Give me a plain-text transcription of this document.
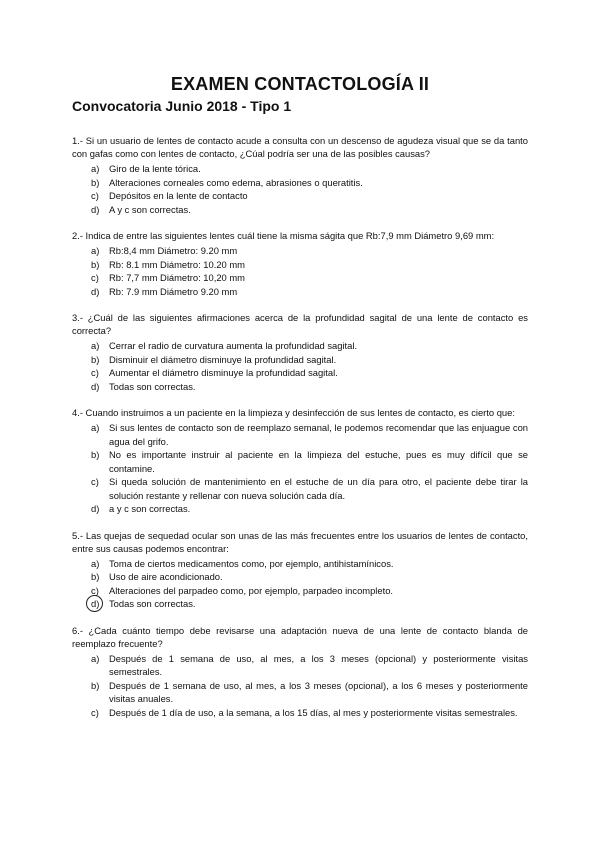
EXAMEN CONTACTOLOGÍA II
Convocatoria Junio 2018 - Tipo 1

1.- Si un usuario de lentes de contacto acude a consulta con un descenso de agudeza visual que se da tanto con gafas como con lentes de contacto, ¿Cúal podría ser una de las posibles causas?

a) Giro de la lente tórica.
b) Alteraciones corneales como edema, abrasiones o queratitis.
c) Depósitos en la lente de contacto
d) A y c son correctas.

2.- Indica de entre las siguientes lentes cuál tiene la misma ságita que Rb:7,9 mm Diámetro 9,69 mm:

a) Rb:8,4 mm Diámetro: 9.20 mm
b) Rb: 8.1 mm Diámetro: 10.20 mm
c) Rb: 7,7 mm Diámetro: 10,20 mm
d) Rb: 7.9 mm Diámetro 9.20 mm

3.- ¿Cuál de las siguientes afirmaciones acerca de la profundidad sagital de una lente de contacto es correcta?

a) Cerrar el radio de curvatura aumenta la profundidad sagital.
b) Disminuir el diámetro disminuye la profundidad sagital.
c) Aumentar el diámetro disminuye la profundidad sagital.
d) Todas son correctas.

4.- Cuando instruimos a un paciente en la limpieza y desinfección de sus lentes de contacto, es cierto que:

a) Si sus lentes de contacto son de reemplazo semanal, le podemos recomendar que las enjuague con agua del grifo.
b) No es importante instruir al paciente en la limpieza del estuche, pues es muy difícil que se contamine.
c) Si queda solución de mantenimiento en el estuche de un día para otro, el paciente debe tirar la solución restante y rellenar con nueva solución cada día.
d) a y c son correctas.

5.- Las quejas de sequedad ocular son unas de las más frecuentes entre los usuarios de lentes de contacto, entre sus causas podemos encontrar:

a) Toma de ciertos medicamentos como, por ejemplo, antihistamínicos.
b) Uso de aire acondicionado.
c) Alteraciones del parpadeo como, por ejemplo, parpadeo incompleto.
d) Todas son correctas.

6.- ¿Cada cuánto tiempo debe revisarse una adaptación nueva de una lente de contacto blanda de reemplazo frecuente?

a) Después de 1 semana de uso, al mes, a los 3 meses (opcional) y posteriormente visitas semestrales.
b) Después de 1 semana de uso, al mes, a los 3 meses (opcional), a los 6 meses y posteriormente visitas anuales.
c) Después de 1 día de uso, a la semana, a los 15 días, al mes y posteriormente visitas semestrales.
